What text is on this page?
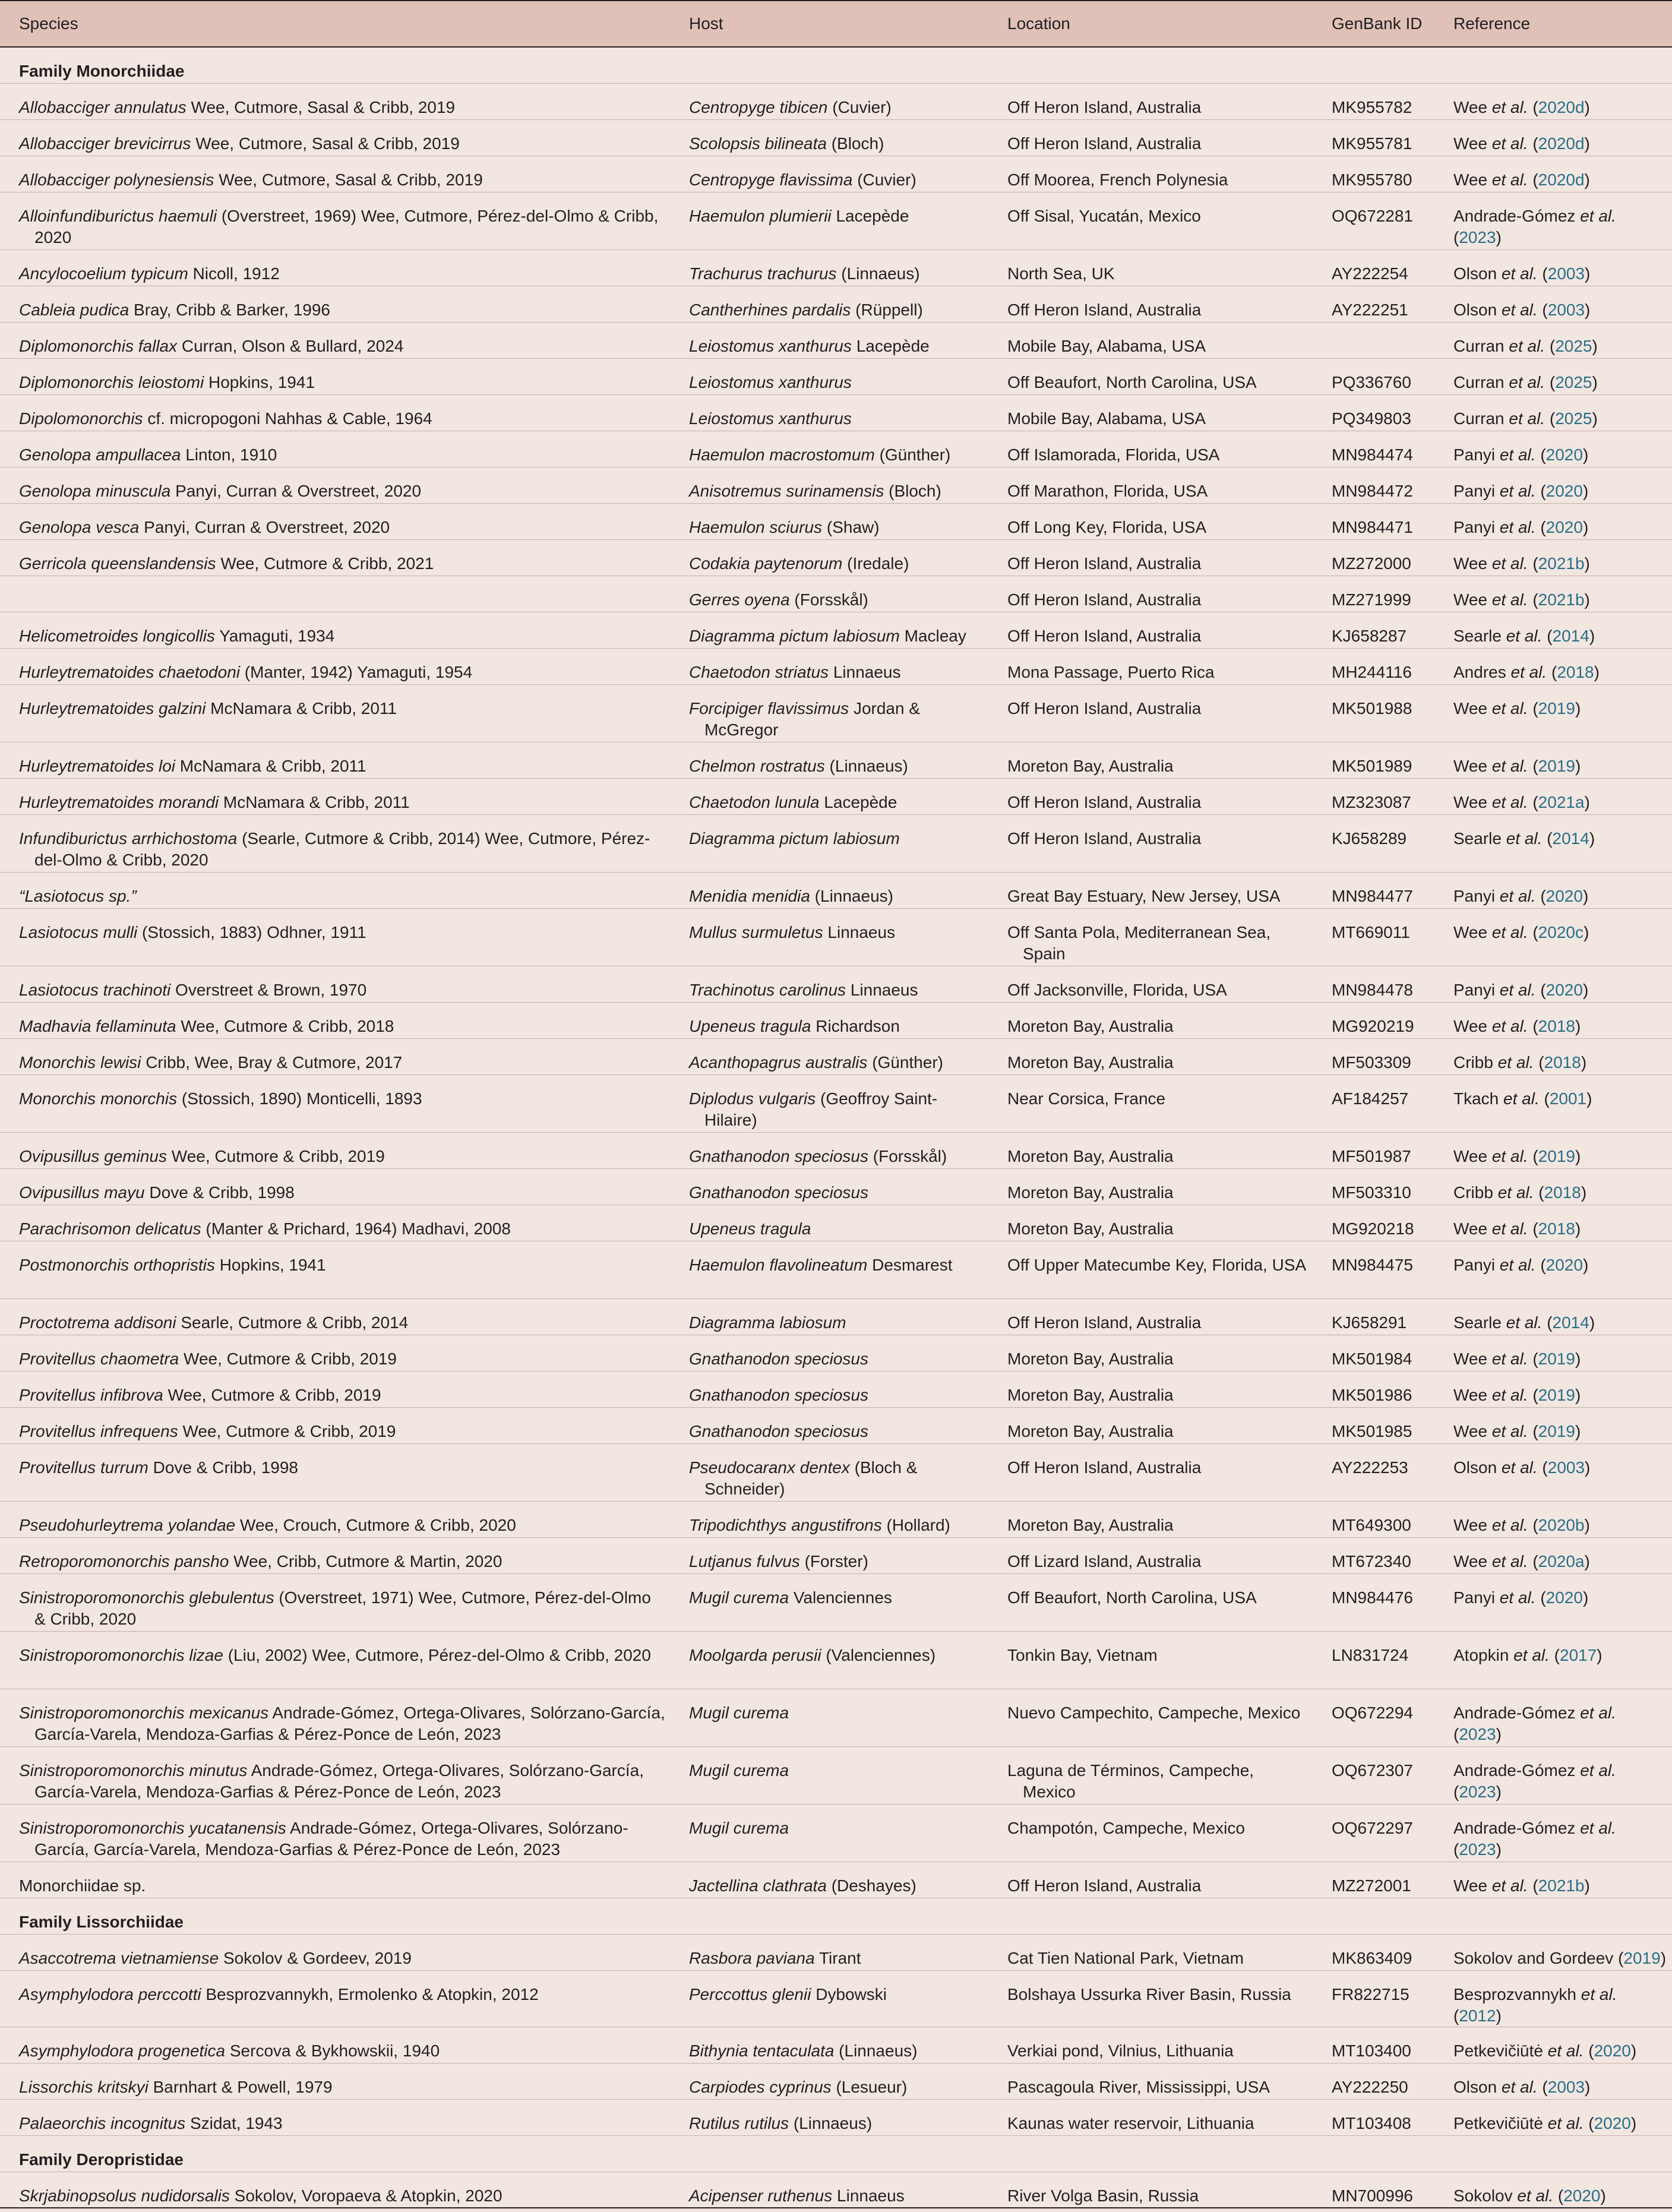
Species	Host	Location	GenBank ID	Reference
Family Monorchiidae				
Allobacciger annulatus Wee, Cutmore, Sasal & Cribb, 2019	Centropyge tibicen (Cuvier)	Off Heron Island, Australia	MK955782	Wee et al. (2020d)
Allobacciger brevicirrus Wee, Cutmore, Sasal & Cribb, 2019	Scolopsis bilineata (Bloch)	Off Heron Island, Australia	MK955781	Wee et al. (2020d)
Allobacciger polynesiensis Wee, Cutmore, Sasal & Cribb, 2019	Centropyge flavissima (Cuvier)	Off Moorea, French Polynesia	MK955780	Wee et al. (2020d)
Alloinfundiburictus haemuli (Overstreet, 1969) Wee, Cutmore, Pérez-del-Olmo & Cribb, 2020	Haemulon plumierii Lacepède	Off Sisal, Yucatán, Mexico	OQ672281	Andrade-Gómez et al. (2023)
Ancylocoelium typicum Nicoll, 1912	Trachurus trachurus (Linnaeus)	North Sea, UK	AY222254	Olson et al. (2003)
Cableia pudica Bray, Cribb & Barker, 1996	Cantherhines pardalis (Rüppell)	Off Heron Island, Australia	AY222251	Olson et al. (2003)
Diplomonorchis fallax Curran, Olson & Bullard, 2024	Leiostomus xanthurus Lacepède	Mobile Bay, Alabama, USA		Curran et al. (2025)
Diplomonorchis leiostomi Hopkins, 1941	Leiostomus xanthurus	Off Beaufort, North Carolina, USA	PQ336760	Curran et al. (2025)
Dipolomonorchis cf. micropogoni Nahhas & Cable, 1964	Leiostomus xanthurus	Mobile Bay, Alabama, USA	PQ349803	Curran et al. (2025)
Genolopa ampullacea Linton, 1910	Haemulon macrostomum (Günther)	Off Islamorada, Florida, USA	MN984474	Panyi et al. (2020)
Genolopa minuscula Panyi, Curran & Overstreet, 2020	Anisotremus surinamensis (Bloch)	Off Marathon, Florida, USA	MN984472	Panyi et al. (2020)
Genolopa vesca Panyi, Curran & Overstreet, 2020	Haemulon sciurus (Shaw)	Off Long Key, Florida, USA	MN984471	Panyi et al. (2020)
Gerricola queenslandensis Wee, Cutmore & Cribb, 2021	Codakia paytenorum (Iredale)	Off Heron Island, Australia	MZ272000	Wee et al. (2021b)
	Gerres oyena (Forsskål)	Off Heron Island, Australia	MZ271999	Wee et al. (2021b)
Helicometroides longicollis Yamaguti, 1934	Diagramma pictum labiosum Macleay	Off Heron Island, Australia	KJ658287	Searle et al. (2014)
Hurleytrematoides chaetodoni (Manter, 1942) Yamaguti, 1954	Chaetodon striatus Linnaeus	Mona Passage, Puerto Rica	MH244116	Andres et al. (2018)
Hurleytrematoides galzini McNamara & Cribb, 2011	Forcipiger flavissimus Jordan & McGregor	Off Heron Island, Australia	MK501988	Wee et al. (2019)
Hurleytrematoides loi McNamara & Cribb, 2011	Chelmon rostratus (Linnaeus)	Moreton Bay, Australia	MK501989	Wee et al. (2019)
Hurleytrematoides morandi McNamara & Cribb, 2011	Chaetodon lunula Lacepède	Off Heron Island, Australia	MZ323087	Wee et al. (2021a)
Infundiburictus arrhichostoma (Searle, Cutmore & Cribb, 2014) Wee, Cutmore, Pérez-del-Olmo & Cribb, 2020	Diagramma pictum labiosum	Off Heron Island, Australia	KJ658289	Searle et al. (2014)
“Lasiotocus sp.”	Menidia menidia (Linnaeus)	Great Bay Estuary, New Jersey, USA	MN984477	Panyi et al. (2020)
Lasiotocus mulli (Stossich, 1883) Odhner, 1911	Mullus surmuletus Linnaeus	Off Santa Pola, Mediterranean Sea, Spain	MT669011	Wee et al. (2020c)
Lasiotocus trachinoti Overstreet & Brown, 1970	Trachinotus carolinus Linnaeus	Off Jacksonville, Florida, USA	MN984478	Panyi et al. (2020)
Madhavia fellaminuta Wee, Cutmore & Cribb, 2018	Upeneus tragula Richardson	Moreton Bay, Australia	MG920219	Wee et al. (2018)
Monorchis lewisi Cribb, Wee, Bray & Cutmore, 2017	Acanthopagrus australis (Günther)	Moreton Bay, Australia	MF503309	Cribb et al. (2018)
Monorchis monorchis (Stossich, 1890) Monticelli, 1893	Diplodus vulgaris (Geoffroy Saint-Hilaire)	Near Corsica, France	AF184257	Tkach et al. (2001)
Ovipusillus geminus Wee, Cutmore & Cribb, 2019	Gnathanodon speciosus (Forsskål)	Moreton Bay, Australia	MF501987	Wee et al. (2019)
Ovipusillus mayu Dove & Cribb, 1998	Gnathanodon speciosus	Moreton Bay, Australia	MF503310	Cribb et al. (2018)
Parachrisomon delicatus (Manter & Prichard, 1964) Madhavi, 2008	Upeneus tragula	Moreton Bay, Australia	MG920218	Wee et al. (2018)
Postmonorchis orthopristis Hopkins, 1941	Haemulon flavolineatum Desmarest	Off Upper Matecumbe Key, Florida, USA	MN984475	Panyi et al. (2020)
Proctotrema addisoni Searle, Cutmore & Cribb, 2014	Diagramma labiosum	Off Heron Island, Australia	KJ658291	Searle et al. (2014)
Provitellus chaometra Wee, Cutmore & Cribb, 2019	Gnathanodon speciosus	Moreton Bay, Australia	MK501984	Wee et al. (2019)
Provitellus infibrova Wee, Cutmore & Cribb, 2019	Gnathanodon speciosus	Moreton Bay, Australia	MK501986	Wee et al. (2019)
Provitellus infrequens Wee, Cutmore & Cribb, 2019	Gnathanodon speciosus	Moreton Bay, Australia	MK501985	Wee et al. (2019)
Provitellus turrum Dove & Cribb, 1998	Pseudocaranx dentex (Bloch & Schneider)	Off Heron Island, Australia	AY222253	Olson et al. (2003)
Pseudohurleytrema yolandae Wee, Crouch, Cutmore & Cribb, 2020	Tripodichthys angustifrons (Hollard)	Moreton Bay, Australia	MT649300	Wee et al. (2020b)
Retroporomonorchis pansho Wee, Cribb, Cutmore & Martin, 2020	Lutjanus fulvus (Forster)	Off Lizard Island, Australia	MT672340	Wee et al. (2020a)
Sinistroporomonorchis glebulentus (Overstreet, 1971) Wee, Cutmore, Pérez-del-Olmo & Cribb, 2020	Mugil curema Valenciennes	Off Beaufort, North Carolina, USA	MN984476	Panyi et al. (2020)
Sinistroporomonorchis lizae (Liu, 2002) Wee, Cutmore, Pérez-del-Olmo & Cribb, 2020	Moolgarda perusii (Valenciennes)	Tonkin Bay, Vietnam	LN831724	Atopkin et al. (2017)
Sinistroporomonorchis mexicanus Andrade-Gómez, Ortega-Olivares, Solórzano-García, García-Varela, Mendoza-Garfias & Pérez-Ponce de León, 2023	Mugil curema	Nuevo Campechito, Campeche, Mexico	OQ672294	Andrade-Gómez et al. (2023)
Sinistroporomonorchis minutus Andrade-Gómez, Ortega-Olivares, Solórzano-García, García-Varela, Mendoza-Garfias & Pérez-Ponce de León, 2023	Mugil curema	Laguna de Términos, Campeche, Mexico	OQ672307	Andrade-Gómez et al. (2023)
Sinistroporomonorchis yucatanensis Andrade-Gómez, Ortega-Olivares, Solórzano-García, García-Varela, Mendoza-Garfias & Pérez-Ponce de León, 2023	Mugil curema	Champotón, Campeche, Mexico	OQ672297	Andrade-Gómez et al. (2023)
Monorchiidae sp.	Jactellina clathrata (Deshayes)	Off Heron Island, Australia	MZ272001	Wee et al. (2021b)
Family Lissorchiidae				
Asaccotrema vietnamiense Sokolov & Gordeev, 2019	Rasbora paviana Tirant	Cat Tien National Park, Vietnam	MK863409	Sokolov and Gordeev (2019)
Asymphylodora perccotti Besprozvannykh, Ermolenko & Atopkin, 2012	Perccottus glenii Dybowski	Bolshaya Ussurka River Basin, Russia	FR822715	Besprozvannykh et al. (2012)
Asymphylodora progenetica Sercova & Bykhowskii, 1940	Bithynia tentaculata (Linnaeus)	Verkiai pond, Vilnius, Lithuania	MT103400	Petkevičiūtė et al. (2020)
Lissorchis kritskyi Barnhart & Powell, 1979	Carpiodes cyprinus (Lesueur)	Pascagoula River, Mississippi, USA	AY222250	Olson et al. (2003)
Palaeorchis incognitus Szidat, 1943	Rutilus rutilus (Linnaeus)	Kaunas water reservoir, Lithuania	MT103408	Petkevičiūtė et al. (2020)
Family Deropristidae				
Skrjabinopsolus nudidorsalis Sokolov, Voropaeva & Atopkin, 2020	Acipenser ruthenus Linnaeus	River Volga Basin, Russia	MN700996	Sokolov et al. (2020)
